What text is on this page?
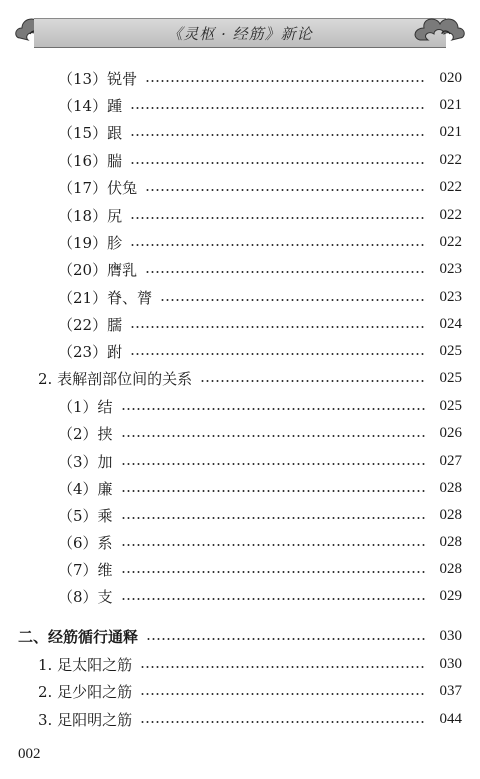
《灵枢 · 经筋》新论
（13）锐骨	020
（14）踵	021
（15）跟	021
（16）腨	022
（17）伏兔	022
（18）尻	022
（19）胗	022
（20）膺乳	023
（21）脊、膂	023
（22）臑	024
（23）跗	025
2. 表解剖部位间的关系	025
（1）结	025
（2）挟	026
（3）加	027
（4）廉	028
（5）乘	028
（6）系	028
（7）维	028
（8）支	029
二、经筋循行通释	030
1. 足太阳之筋	030
2. 足少阳之筋	037
3. 足阳明之筋	044
002
